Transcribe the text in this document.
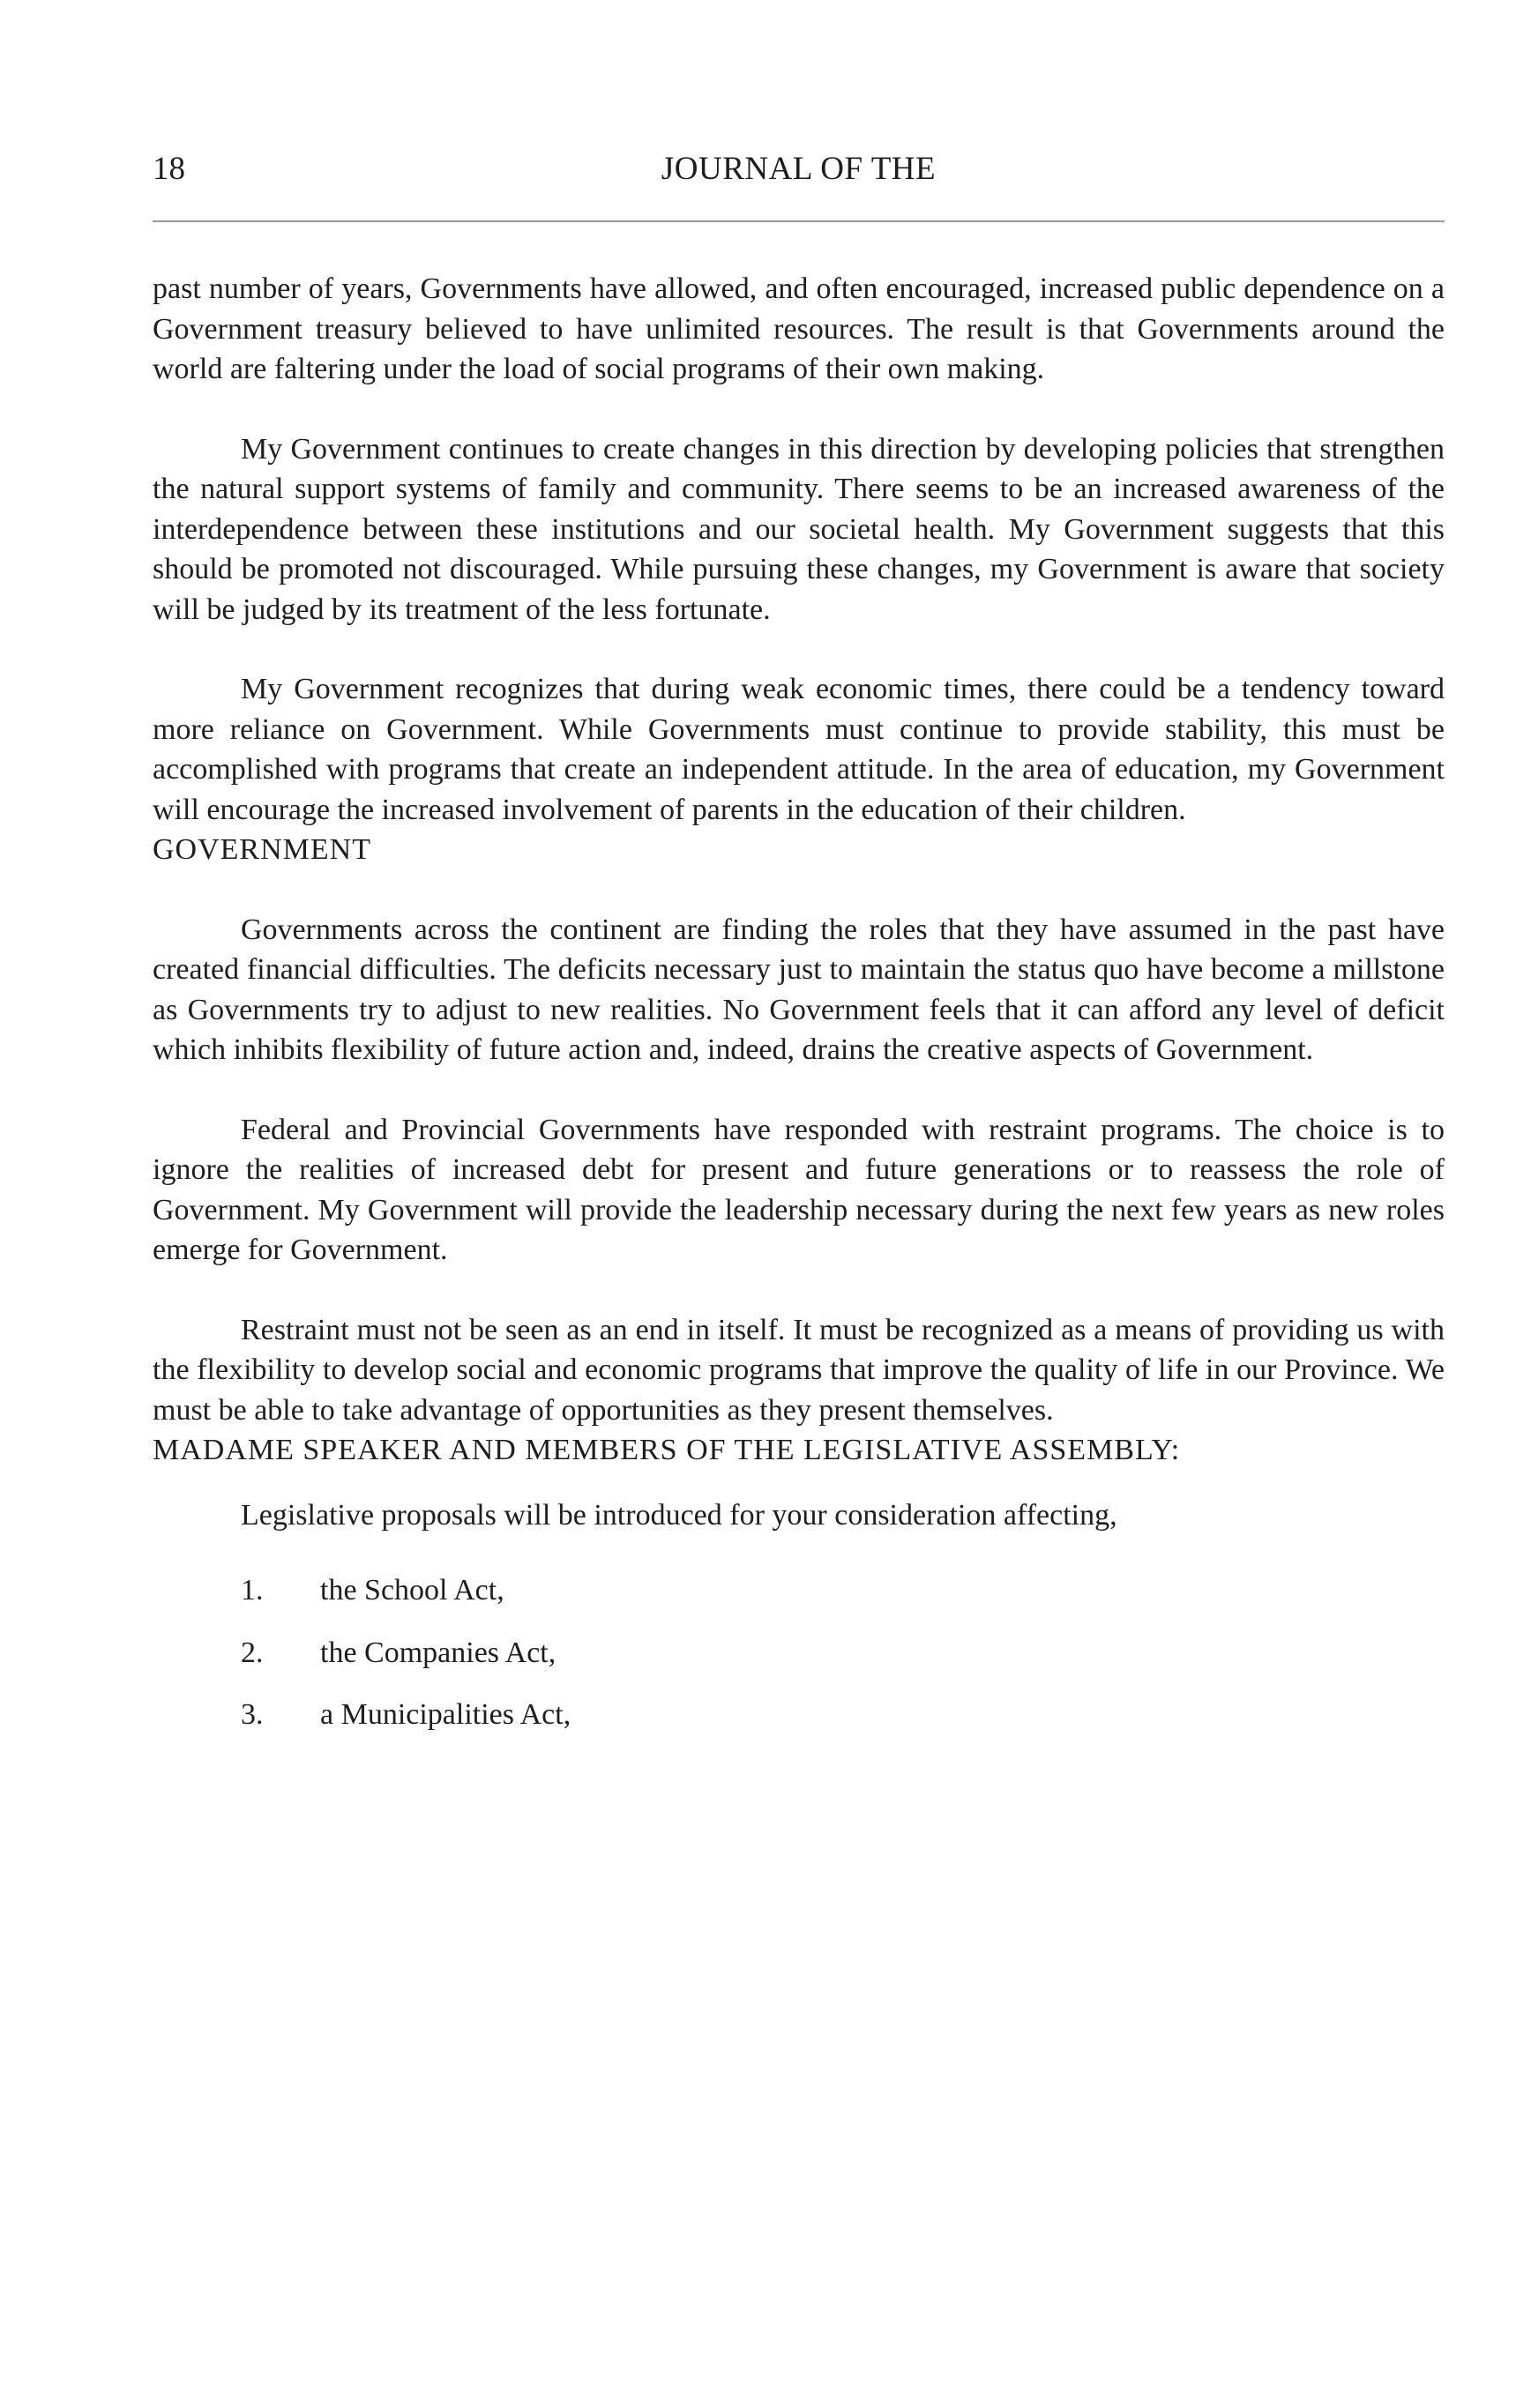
18	JOURNAL OF THE

past number of years, Governments have allowed, and often encouraged, increased public dependence on a Government treasury believed to have unlimited resources. The result is that Governments around the world are faltering under the load of social programs of their own making.

My Government continues to create changes in this direction by developing policies that strengthen the natural support systems of family and community. There seems to be an increased awareness of the interdependence between these institutions and our societal health. My Government suggests that this should be promoted not discouraged. While pursuing these changes, my Government is aware that society will be judged by its treatment of the less fortunate.

My Government recognizes that during weak economic times, there could be a tendency toward more reliance on Government. While Governments must continue to provide stability, this must be accomplished with programs that create an independent attitude. In the area of education, my Government will encourage the increased involvement of parents in the education of their children.

GOVERNMENT

Governments across the continent are finding the roles that they have assumed in the past have created financial difficulties. The deficits necessary just to maintain the status quo have become a millstone as Governments try to adjust to new realities. No Government feels that it can afford any level of deficit which inhibits flexibility of future action and, indeed, drains the creative aspects of Government.

Federal and Provincial Governments have responded with restraint programs. The choice is to ignore the realities of increased debt for present and future generations or to reassess the role of Government. My Government will provide the leadership necessary during the next few years as new roles emerge for Government.

Restraint must not be seen as an end in itself. It must be recognized as a means of providing us with the flexibility to develop social and economic programs that improve the quality of life in our Province. We must be able to take advantage of opportunities as they present themselves.

MADAME SPEAKER AND MEMBERS OF THE LEGISLATIVE ASSEMBLY:

Legislative proposals will be introduced for your consideration affecting,

1. the School Act,
2. the Companies Act,
3. a Municipalities Act,
